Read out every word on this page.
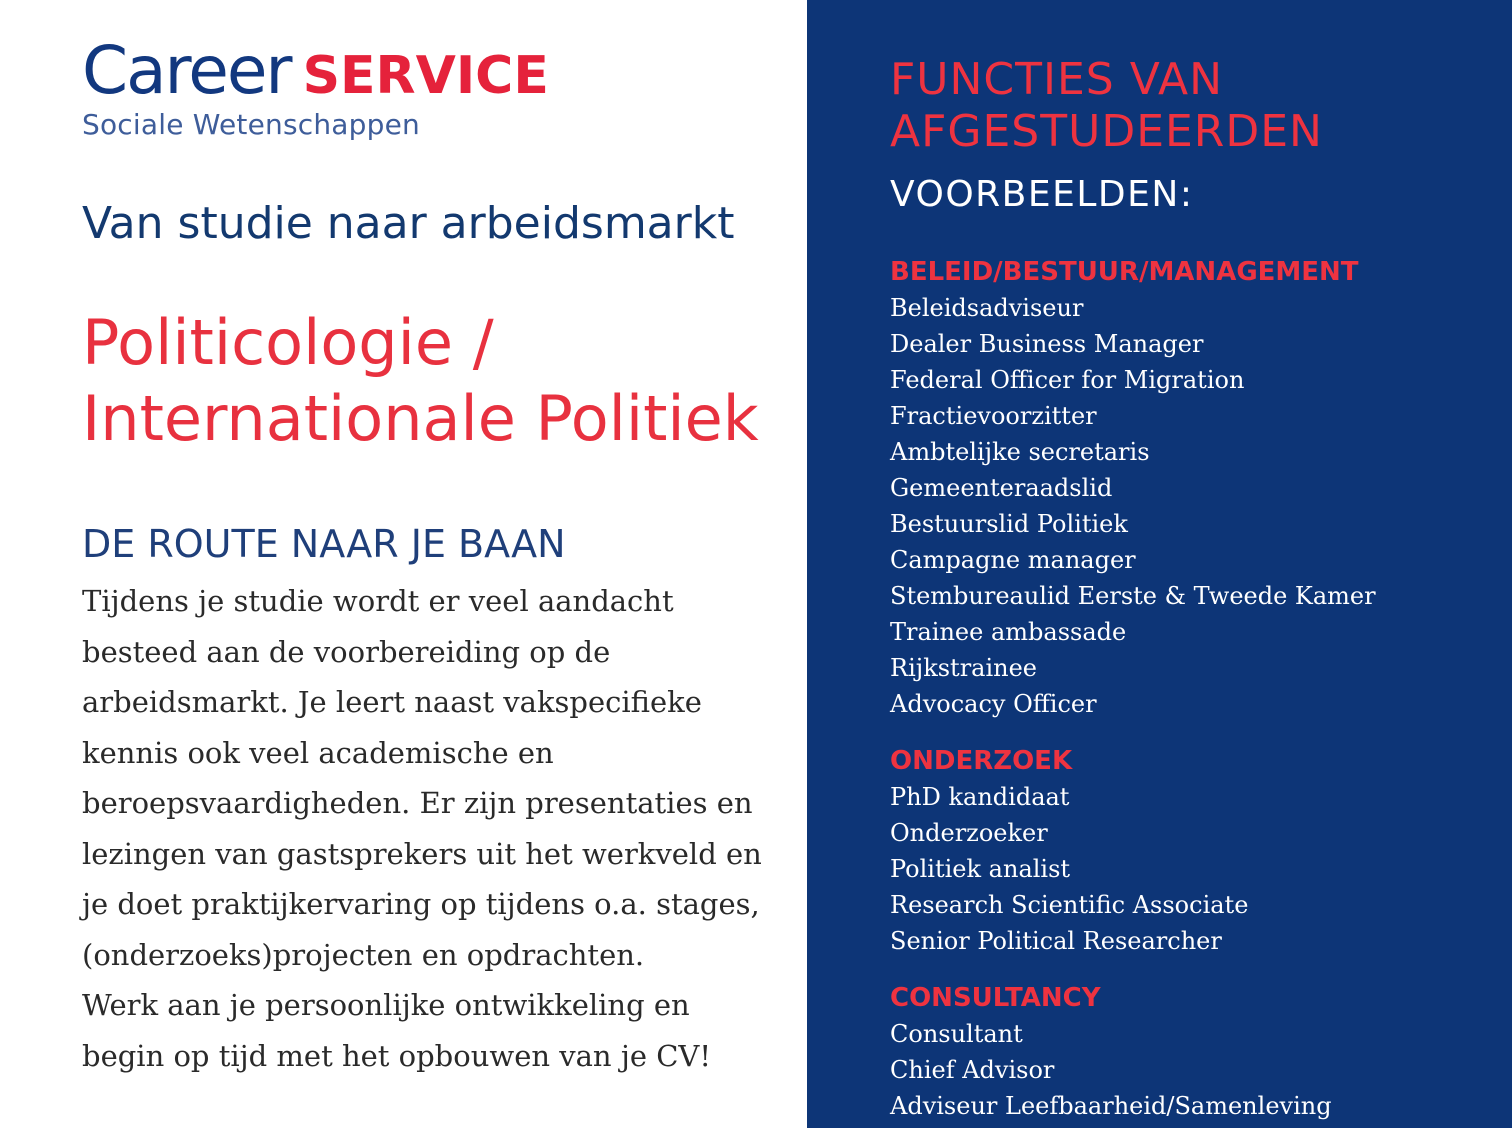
Career SERVICE
Sociale Wetenschappen
Van studie naar arbeidsmarkt
Politicologie /
Internationale Politiek
DE ROUTE NAAR JE BAAN
Tijdens je studie wordt er veel aandacht
besteed aan de voorbereiding op de
arbeidsmarkt. Je leert naast vakspecifieke
kennis ook veel academische en
beroepsvaardigheden. Er zijn presentaties en
lezingen van gastsprekers uit het werkveld en
je doet praktijkervaring op tijdens o.a. stages,
(onderzoeks)projecten en opdrachten.
Werk aan je persoonlijke ontwikkeling en
begin op tijd met het opbouwen van je CV!
FUNCTIES VAN
AFGESTUDEERDEN
VOORBEELDEN:
BELEID/BESTUUR/MANAGEMENT
Beleidsadviseur
Dealer Business Manager
Federal Officer for Migration
Fractievoorzitter
Ambtelijke secretaris
Gemeenteraadslid
Bestuurslid Politiek
Campagne manager
Stembureaulid Eerste & Tweede Kamer
Trainee ambassade
Rijkstrainee
Advocacy Officer
ONDERZOEK
PhD kandidaat
Onderzoeker
Politiek analist
Research Scientific Associate
Senior Political Researcher
CONSULTANCY
Consultant
Chief Advisor
Adviseur Leefbaarheid/Samenleving
